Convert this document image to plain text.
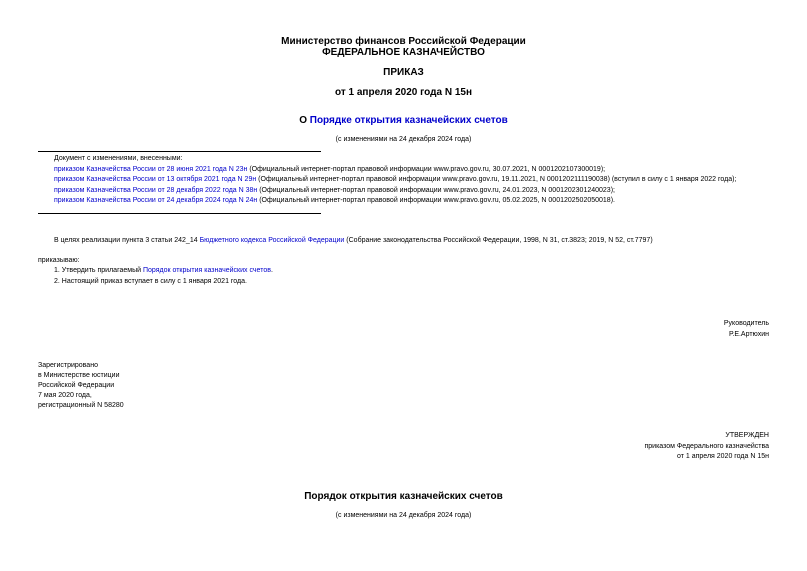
Министерство финансов Российской Федерации
ФЕДЕРАЛЬНОЕ КАЗНАЧЕЙСТВО
ПРИКАЗ
от 1 апреля 2020 года N 15н
О Порядке открытия казначейских счетов
(с изменениями на 24 декабря 2024 года)
Документ с изменениями, внесенными:
приказом Казначейства России от 28 июня 2021 года N 23н (Официальный интернет-портал правовой информации www.pravo.gov.ru, 30.07.2021, N 0001202107300019);
приказом Казначейства России от 13 октября 2021 года N 29н (Официальный интернет-портал правовой информации www.pravo.gov.ru, 19.11.2021, N 0001202111190038) (вступил в силу с 1 января 2022 года);
приказом Казначейства России от 28 декабря 2022 года N 38н (Официальный интернет-портал правовой информации www.pravo.gov.ru, 24.01.2023, N 0001202301240023);
приказом Казначейства России от 24 декабря 2024 года N 24н (Официальный интернет-портал правовой информации www.pravo.gov.ru, 05.02.2025, N 0001202502050018).
В целях реализации пункта 3 статьи 242_14 Бюджетного кодекса Российской Федерации (Собрание законодательства Российской Федерации, 1998, N 31, ст.3823; 2019, N 52, ст.7797)
приказываю:
1. Утвердить прилагаемый Порядок открытия казначейских счетов.
2. Настоящий приказ вступает в силу с 1 января 2021 года.
Руководитель
Р.Е.Артюхин
Зарегистрировано
в Министерстве юстиции
Российской Федерации
7 мая 2020 года,
регистрационный N 58280
УТВЕРЖДЕН
приказом Федерального казначейства
от 1 апреля 2020 года N 15н
Порядок открытия казначейских счетов
(с изменениями на 24 декабря 2024 года)
